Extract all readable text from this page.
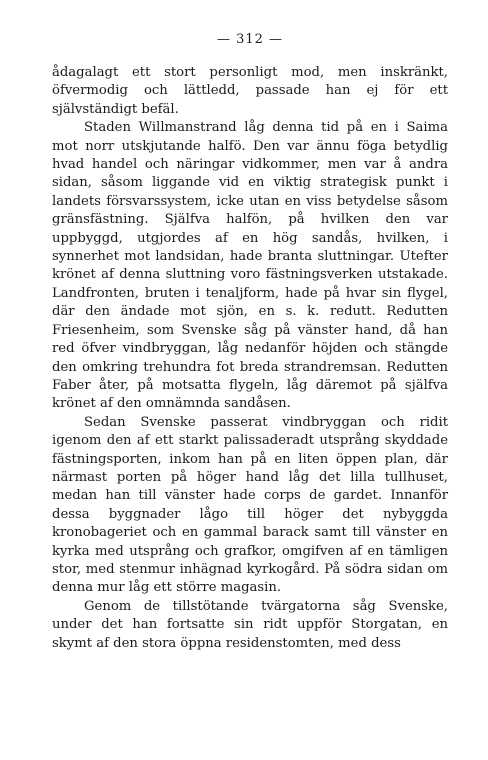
— 312 —

ådagalagt ett stort personligt mod, men inskränkt, öfvermodig och lättledd, passade han ej för ett självständigt befäl.

Staden Willmanstrand låg denna tid på en i Saima mot norr utskjutande halfö. Den var ännu föga betydlig hvad handel och näringar vidkommer, men var å andra sidan, såsom liggande vid en viktig strategisk punkt i landets försvarssystem, icke utan en viss betydelse såsom gränsfästning. Själfva halfön, på hvilken den var uppbyggd, utgjordes af en hög sandås, hvilken, i synnerhet mot landsidan, hade branta sluttningar. Utefter krönet af denna sluttning voro fästningsverken utstakade. Landfronten, bruten i tenaljform, hade på hvar sin flygel, där den ändade mot sjön, en s. k. redutt. Redutten Friesenheim, som Svenske såg på vänster hand, då han red öfver vindbryggan, låg nedanför höjden och stängde den omkring trehundra fot breda strandremsan. Redutten Faber åter, på motsatta flygeln, låg däremot på själfva krönet af den omnämnda sandåsen.

Sedan Svenske passerat vindbryggan och ridit igenom den af ett starkt palissaderadt utsprång skyddade fästningsporten, inkom han på en liten öppen plan, där närmast porten på höger hand låg det lilla tullhuset, medan han till vänster hade corps de gardet. Innanför dessa byggnader lågo till höger det nybyggda kronobageriet och en gammal barack samt till vänster en kyrka med utsprång och grafkor, omgifven af en tämligen stor, med stenmur inhägnad kyrkogård. På södra sidan om denna mur låg ett större magasin.

Genom de tillstötande tvärgatorna såg Svenske, under det han fortsatte sin ridt uppför Storgatan, en skymt af den stora öppna residenstomten, med dess
